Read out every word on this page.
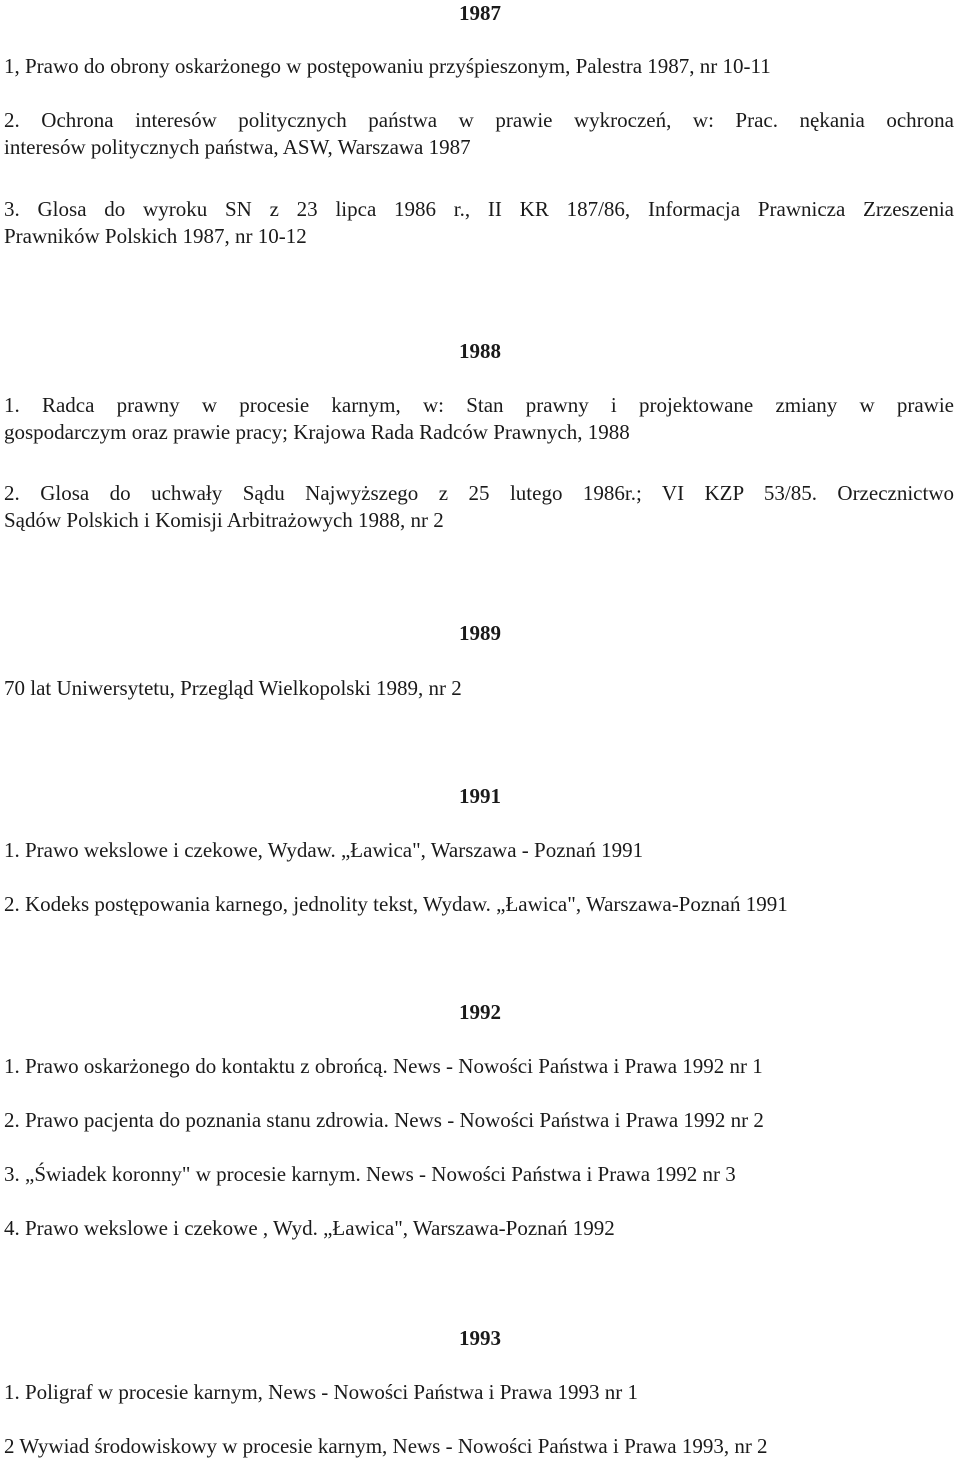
1987
1, Prawo do obrony oskarżonego w postępowaniu przyśpieszonym, Palestra 1987, nr 10-11
2. Ochrona interesów politycznych państwa w prawie wykroczeń, w: Prac. nękania ochrona
interesów politycznych państwa, ASW, Warszawa 1987
3. Glosa do wyroku SN z 23 lipca 1986 r., II KR 187/86, Informacja Prawnicza Zrzeszenia
Prawników Polskich 1987, nr 10-12
1988
1. Radca prawny w procesie karnym, w: Stan prawny i projektowane zmiany w prawie
gospodarczym oraz prawie pracy; Krajowa Rada Radców Prawnych, 1988
2. Glosa do uchwały Sądu Najwyższego z 25 lutego 1986r.; VI KZP 53/85. Orzecznictwo
Sądów Polskich i Komisji Arbitrażowych 1988, nr 2
1989
70 lat Uniwersytetu, Przegląd Wielkopolski 1989, nr 2
1991
1. Prawo wekslowe i czekowe, Wydaw. „Ławica", Warszawa - Poznań 1991
2. Kodeks postępowania karnego, jednolity tekst, Wydaw. „Ławica", Warszawa-Poznań 1991
1992
1. Prawo oskarżonego do kontaktu z obrońcą. News - Nowości Państwa i Prawa 1992 nr 1
2. Prawo pacjenta do poznania stanu zdrowia. News - Nowości Państwa i Prawa 1992 nr 2
3. „Świadek koronny" w procesie karnym. News - Nowości Państwa i Prawa 1992 nr 3
4. Prawo wekslowe i czekowe , Wyd. „Ławica", Warszawa-Poznań 1992
1993
1. Poligraf w procesie karnym, News - Nowości Państwa i Prawa 1993 nr 1
2 Wywiad środowiskowy w procesie karnym, News - Nowości Państwa i Prawa 1993, nr 2
